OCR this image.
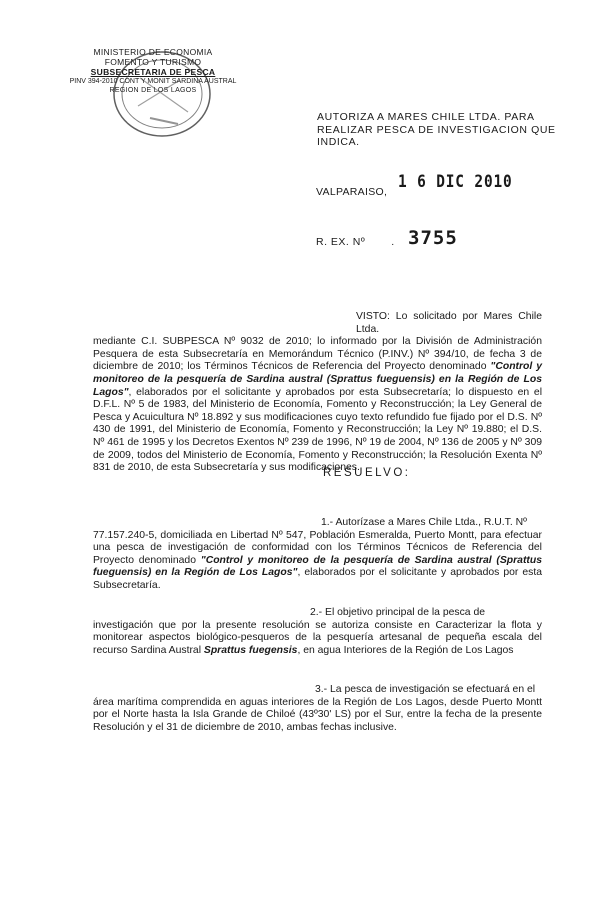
MINISTERIO DE ECONOMIA
FOMENTO Y TURISMO
SUBSECRETARIA DE PESCA
PINV 394-2010 CONT Y MONIT SARDINA AUSTRAL
REGION DE LOS LAGOS
AUTORIZA A MARES CHILE LTDA. PARA REALIZAR PESCA DE INVESTIGACION QUE INDICA.
VALPARAISO, 1 6 DIC 2010
R. EX. Nº . 3755
VISTO: Lo solicitado por Mares Chile Ltda.
mediante C.I. SUBPESCA Nº 9032 de 2010; lo informado por la División de Administración Pesquera de esta Subsecretaría en Memorándum Técnico (P.INV.) Nº 394/10, de fecha 3 de diciembre de 2010; los Términos Técnicos de Referencia del Proyecto denominado "Control y monitoreo de la pesquería de Sardina austral (Sprattus fueguensis) en la Región de Los Lagos", elaborados por el solicitante y aprobados por esta Subsecretaría; lo dispuesto en el D.F.L. Nº 5 de 1983, del Ministerio de Economía, Fomento y Reconstrucción; la Ley General de Pesca y Acuicultura Nº 18.892 y sus modificaciones cuyo texto refundido fue fijado por el D.S. Nº 430 de 1991, del Ministerio de Economía, Fomento y Reconstrucción; la Ley Nº 19.880; el D.S. Nº 461 de 1995 y los Decretos Exentos Nº 239 de 1996, Nº 19 de 2004, Nº 136 de 2005 y Nº 309 de 2009, todos del Ministerio de Economía, Fomento y Reconstrucción; la Resolución Exenta Nº 831 de 2010, de esta Subsecretaría y sus modificaciones.
RESUELVO:
1.- Autorízase a Mares Chile Ltda., R.U.T. Nº
77.157.240-5, domiciliada en Libertad Nº 547, Población Esmeralda, Puerto Montt, para efectuar una pesca de investigación de conformidad con los Términos Técnicos de Referencia del Proyecto denominado "Control y monitoreo de la pesquería de Sardina austral (Sprattus fueguensis) en la Región de Los Lagos", elaborados por el solicitante y aprobados por esta Subsecretaría.
2.- El objetivo principal de la pesca de
investigación que por la presente resolución se autoriza consiste en Caracterizar la flota y monitorear aspectos biológico-pesqueros de la pesquería artesanal de pequeña escala del recurso Sardina Austral Sprattus fuegensis, en agua Interiores de la Región de Los Lagos
3.- La pesca de investigación se efectuará en el
área marítima comprendida en aguas interiores de la Región de Los Lagos, desde Puerto Montt por el Norte hasta la Isla Grande de Chiloé (43º30' LS) por el Sur, entre la fecha de la presente Resolución y el 31 de diciembre de 2010, ambas fechas inclusive.
